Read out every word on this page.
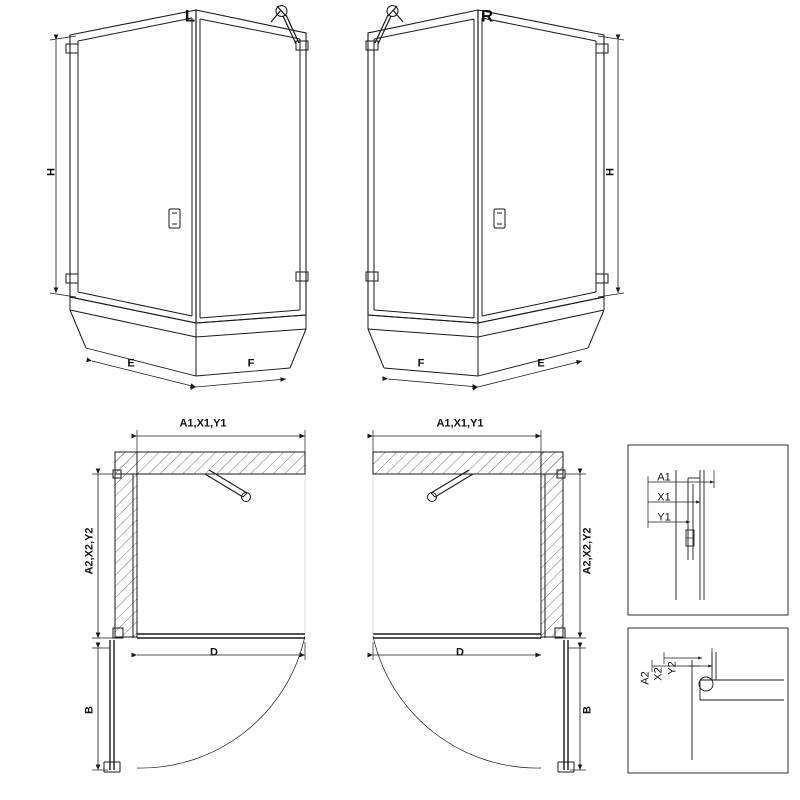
L	R
H	H
E	F	F	E
A1,X1,Y1	A1,X1,Y1
A2,X2,Y2	A2,X2,Y2
D	D
B	B
A1
X1
Y1
A2 X2 Y2
